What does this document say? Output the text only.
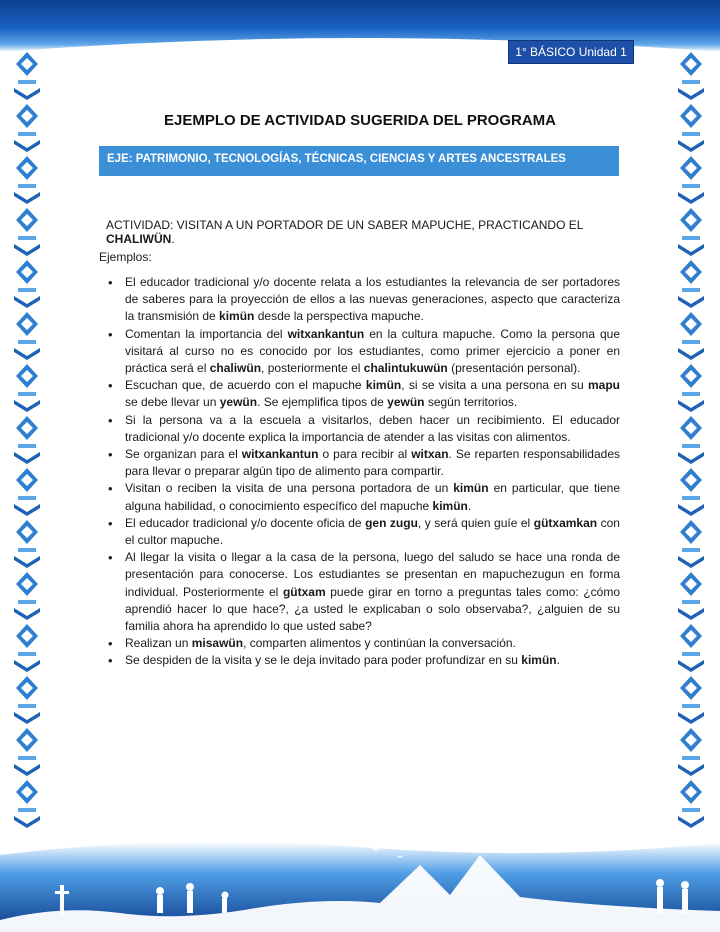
1° BÁSICO Unidad 1
EJEMPLO DE ACTIVIDAD SUGERIDA DEL PROGRAMA
EJE: PATRIMONIO, TECNOLOGÍAS, TÉCNICAS, CIENCIAS Y ARTES ANCESTRALES
ACTIVIDAD: VISITAN A UN PORTADOR DE UN SABER MAPUCHE, PRACTICANDO EL CHALIWÜN.
Ejemplos:
• El educador tradicional y/o docente relata a los estudiantes la relevancia de ser portadores de saberes para la proyección de ellos a las nuevas generaciones, aspecto que caracteriza la transmisión de kimün desde la perspectiva mapuche.
• Comentan la importancia del witxankantun en la cultura mapuche. Como la persona que visitará al curso no es conocido por los estudiantes, como primer ejercicio a poner en práctica será el chaliwün, posteriormente el chalintukuwün (presentación personal).
• Escuchan que, de acuerdo con el mapuche kimün, si se visita a una persona en su mapu se debe llevar un yewün. Se ejemplifica tipos de yewün según territorios.
• Si la persona va a la escuela a visitarlos, deben hacer un recibimiento. El educador tradicional y/o docente explica la importancia de atender a las visitas con alimentos.
• Se organizan para el witxankantun o para recibir al witxan. Se reparten responsabilidades para llevar o preparar algún tipo de alimento para compartir.
• Visitan o reciben la visita de una persona portadora de un kimün en particular, que tiene alguna habilidad, o conocimiento específico del mapuche kimün.
• El educador tradicional y/o docente oficia de gen zugu, y será quien guíe el gütxamkan con el cultor mapuche.
• Al llegar la visita o llegar a la casa de la persona, luego del saludo se hace una ronda de presentación para conocerse. Los estudiantes se presentan en mapuchezugun en forma individual. Posteriormente el gütxam puede girar en torno a preguntas tales como: ¿cómo aprendió hacer lo que hace?, ¿a usted le explicaban o solo observaba?, ¿alguien de su familia ahora ha aprendido lo que usted sabe?
• Realizan un misawün, comparten alimentos y continúan la conversación.
• Se despiden de la visita y se le deja invitado para poder profundizar en su kimün.
